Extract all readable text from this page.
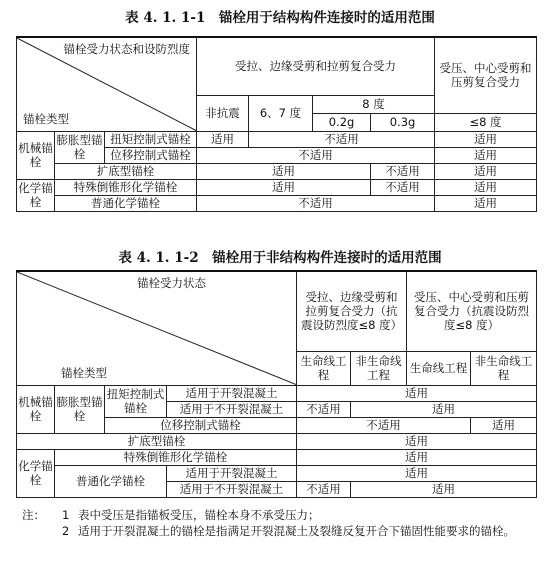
表 4. 1. 1-1　锚栓用于结构构件连接时的适用范围
锚栓受力状态和设防烈度
锚栓类型			受拉、边缘受剪和拉剪复合受力				受压、中心受剪和压剪复合受力
			非抗震	6、7 度	8 度		
					0.2g	0.3g	≤8 度
机械锚栓	膨胀型锚栓	扭矩控制式锚栓	适用	不适用			适用
		位移控制式锚栓	不适用				适用
	扩底型锚栓		适用			不适用	适用
化学锚栓	特殊倒锥形化学锚栓		适用			不适用	适用
	普通化学锚栓		不适用				适用
表 4. 1. 1-2　锚栓用于非结构构件连接时的适用范围
锚栓受力状态
锚栓类型				受拉、边缘受剪和拉剪复合受力（抗震设防烈度≤8 度）		受压、中心受剪和压剪复合受力（抗震设防烈度≤8 度）	
				生命线工程	非生命线工程	生命线工程	非生命线工程
机械锚栓	膨胀型锚栓	扭矩控制式锚栓	适用于开裂混凝土	适用			
			适用于不开裂混凝土	不适用	适用		
		位移控制式锚栓		不适用			适用
扩底型锚栓				适用			
化学锚栓	特殊倒锥形化学锚栓			适用			
	普通化学锚栓		适用于开裂混凝土	适用			
			适用于不开裂混凝土	不适用	适用		
注：	1 表中受压是指锚板受压，锚栓本身不承受压力；
2 适用于开裂混凝土的锚栓是指满足开裂混凝土及裂缝反复开合下锚固性能要求的锚栓。
